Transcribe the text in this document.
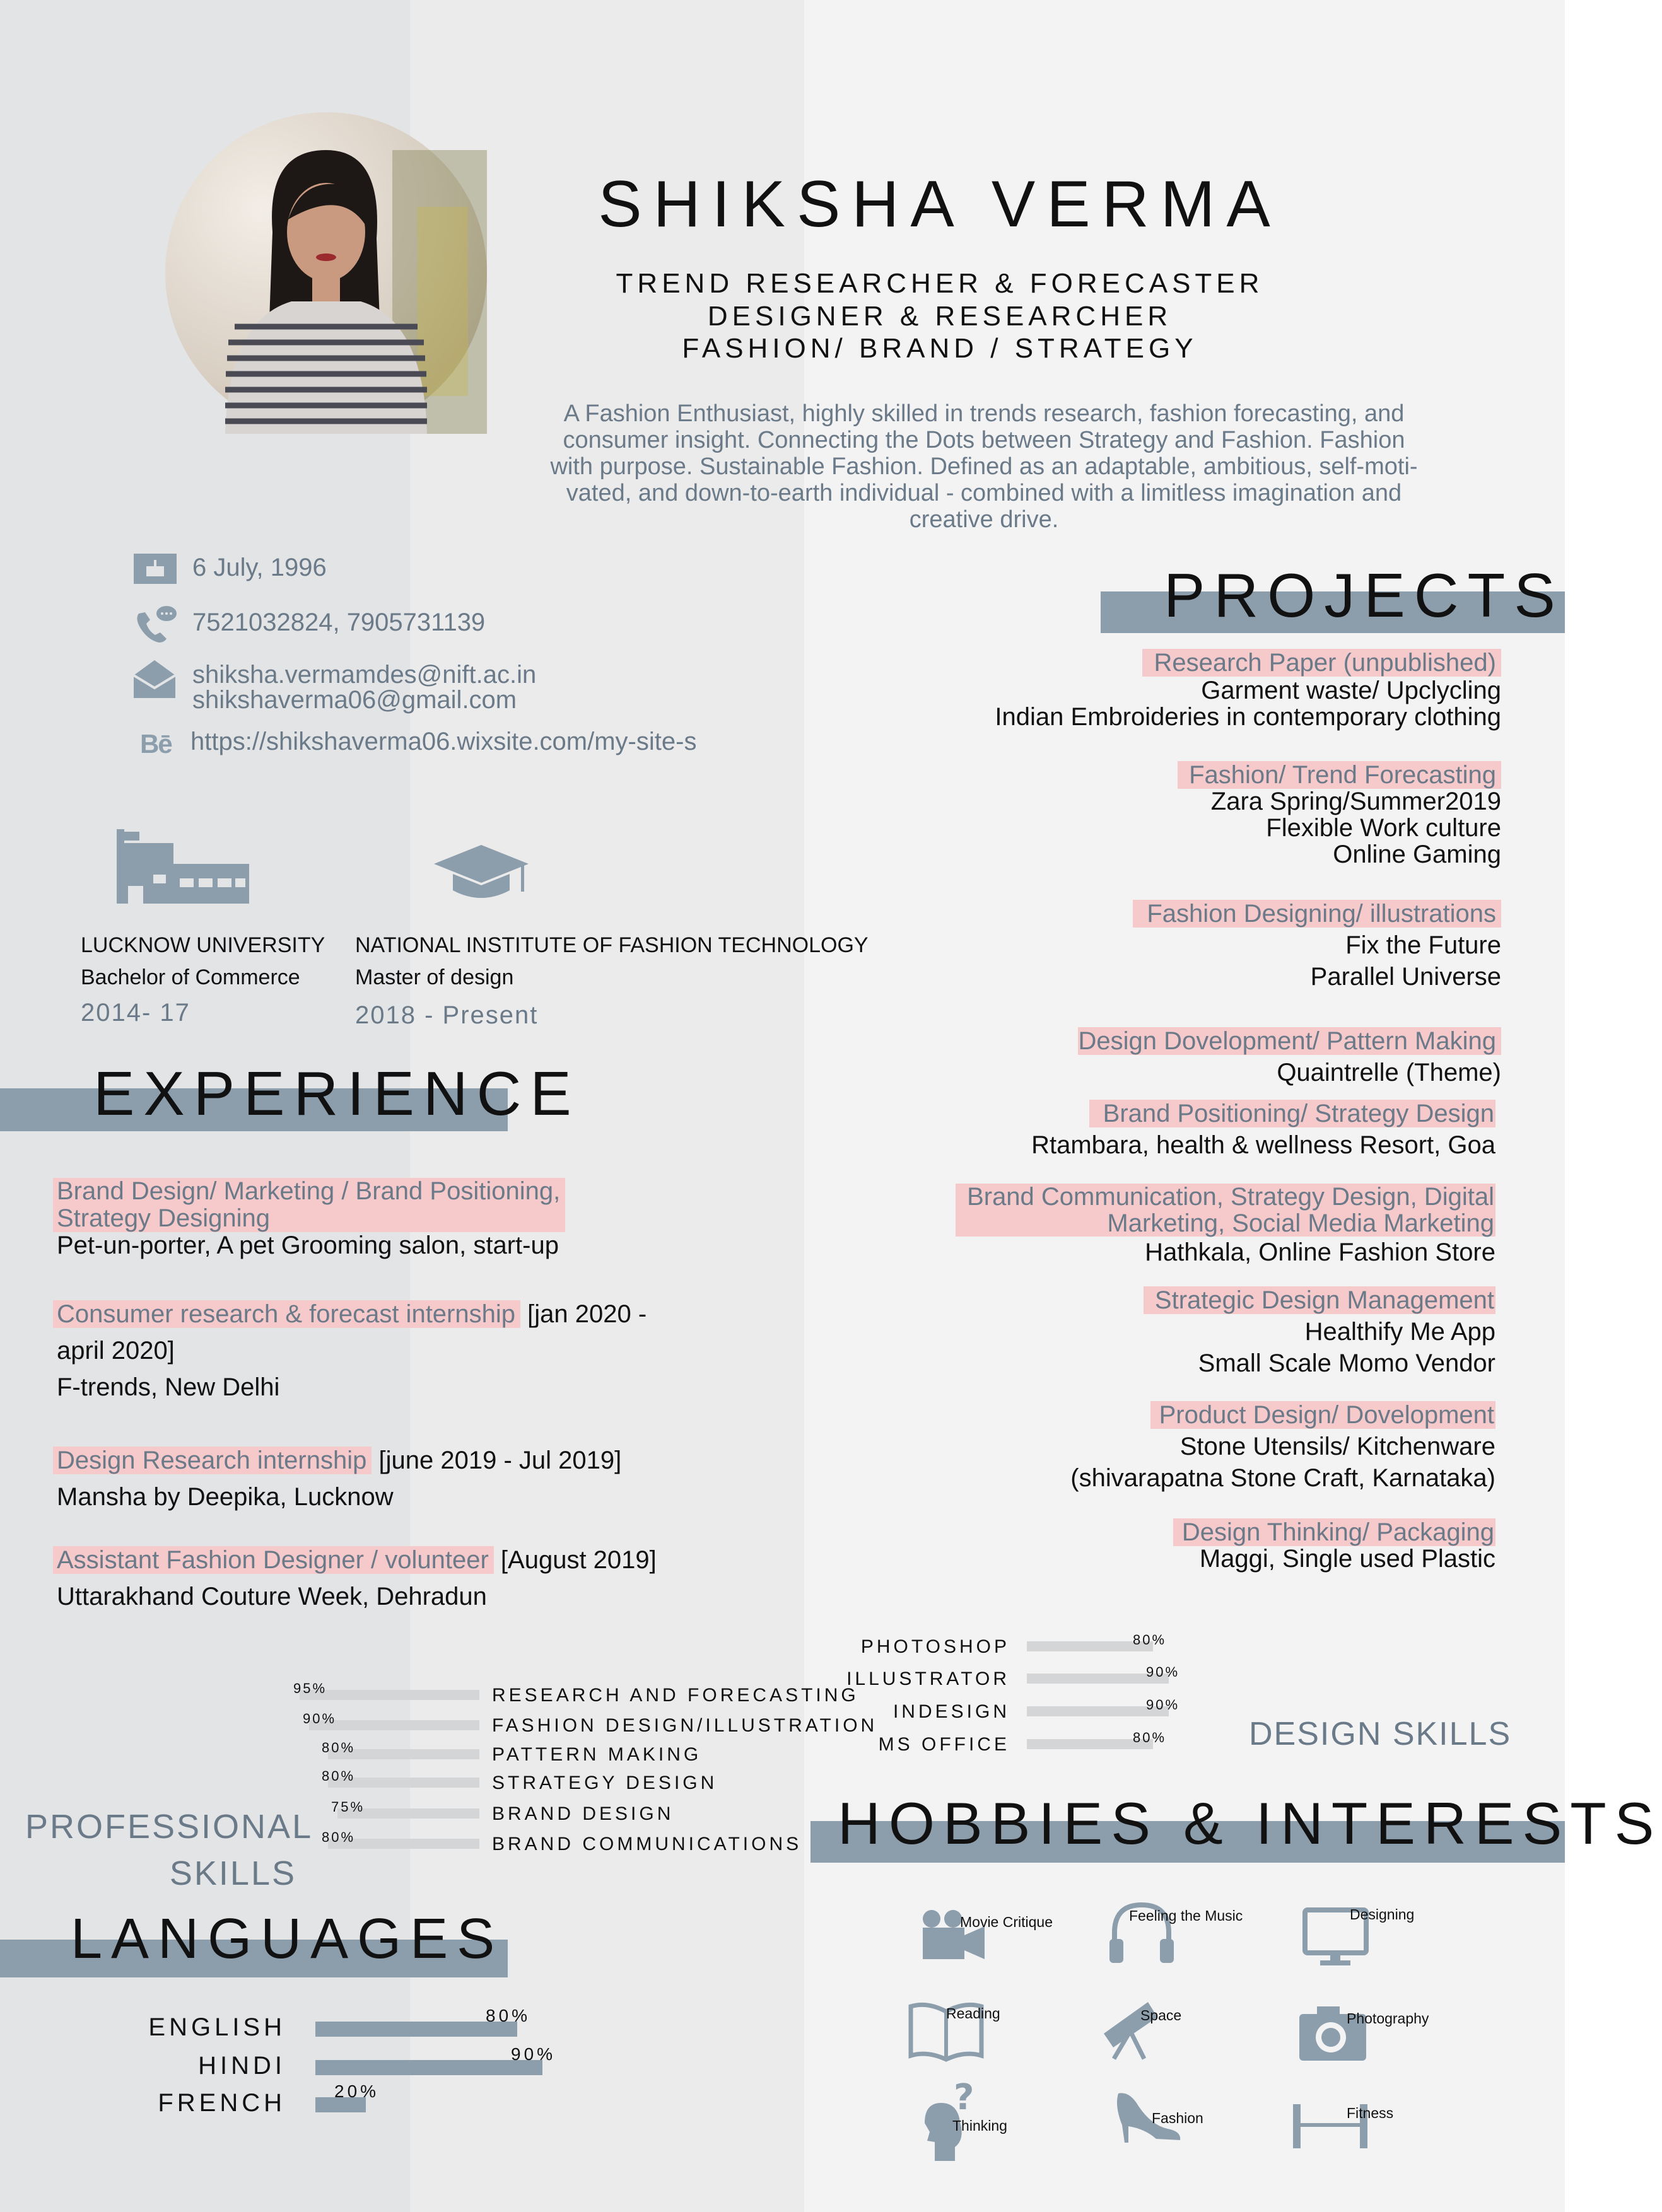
SHIKSHA VERMA
TREND RESEARCHER & FORECASTER
DESIGNER & RESEARCHER
FASHION/ BRAND / STRATEGY
A Fashion Enthusiast, highly skilled in trends research, fashion forecasting, and
consumer insight. Connecting the Dots between Strategy and Fashion. Fashion
with purpose. Sustainable Fashion. Defined as an adaptable, ambitious, self-moti-
vated, and down-to-earth individual - combined with a limitless imagination and
creative drive.
6 July, 1996
7521032824, 7905731139
shiksha.vermamdes@nift.ac.in
shikshaverma06@gmail.com
Bē https://shikshaverma06.wixsite.com/my-site-s
LUCKNOW UNIVERSITY
Bachelor of Commerce
2014- 17
NATIONAL INSTITUTE OF FASHION TECHNOLOGY
Master of design
2018 - Present
EXPERIENCE
Brand Design/ Marketing / Brand Positioning,
Strategy Designing
Pet-un-porter, A pet Grooming salon, start-up
Consumer research & forecast internship [jan 2020 -
april 2020]
F-trends, New Delhi
Design Research internship [june 2019 - Jul 2019]
Mansha by Deepika, Lucknow
Assistant Fashion Designer / volunteer [August 2019]
Uttarakhand Couture Week, Dehradun
PROJECTS
Research Paper (unpublished)
Garment waste/ Upclycling
Indian Embroideries in contemporary clothing
Fashion/ Trend Forecasting
Zara Spring/Summer2019
Flexible Work culture
Online Gaming
Fashion Designing/ illustrations
Fix the Future
Parallel Universe
Design Dovelopment/ Pattern Making
Quaintrelle (Theme)
Brand Positioning/ Strategy Design
Rtambara, health & wellness Resort, Goa
Brand Communication, Strategy Design, Digital
Marketing, Social Media Marketing
Hathkala, Online Fashion Store
Strategic Design Management
Healthify Me App
Small Scale Momo Vendor
Product Design/ Dovelopment
Stone Utensils/ Kitchenware
(shivarapatna Stone Craft, Karnataka)
Design Thinking/ Packaging
Maggi, Single used Plastic
DESIGN SKILLS
PROFESSIONAL
SKILLS
HOBBIES & INTERESTS
Movie Critique	Feeling the Music	Designing
Reading	Space	Photography
?
Thinking	Fashion	Fitness
LANGUAGES
PHOTOSHOP	80%
ILLUSTRATOR	90%
INDESIGN	90%
MS OFFICE	80%
RESEARCH AND FORECASTING
95%
FASHION DESIGN/ILLUSTRATION
90%
PATTERN MAKING
80%
STRATEGY DESIGN
80%
BRAND DESIGN
75%
BRAND COMMUNICATIONS
80%
ENGLISH	80%
HINDI	90%
FRENCH	20%
